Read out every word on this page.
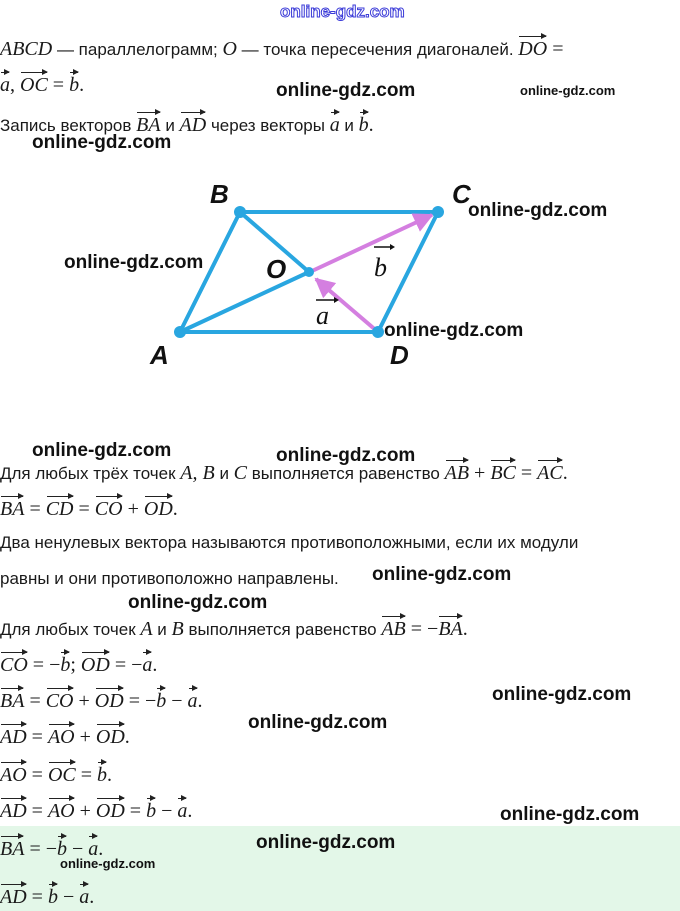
online-gdz.com
ABCD — параллелограмм; O — точка пересечения диагоналей. DO =
a, OC = b.
Запись векторов BA и AD через векторы a и b.
A
B	C
D
O
a
b
Для любых трёх точек A, B и C выполняется равенство AB + BC = AC.
BA = CD = CO + OD.
Два ненулевых вектора называются противоположными, если их модули
равны и они противоположно направлены.
Для любых точек A и B выполняется равенство AB = −BA.
CO = −b; OD = −a.
BA = CO + OD = −b − a.
AD = AO + OD.
AO = OC = b.
AD = AO + OD = b − a.
BA = −b − a.
AD = b − a.
online-gdz.com	online-gdz.com
online-gdz.com
online-gdz.com
online-gdz.com
online-gdz.com
online-gdz.com	online-gdz.com
online-gdz.com
online-gdz.com
online-gdz.com
online-gdz.com
online-gdz.com
online-gdz.com
online-gdz.com
